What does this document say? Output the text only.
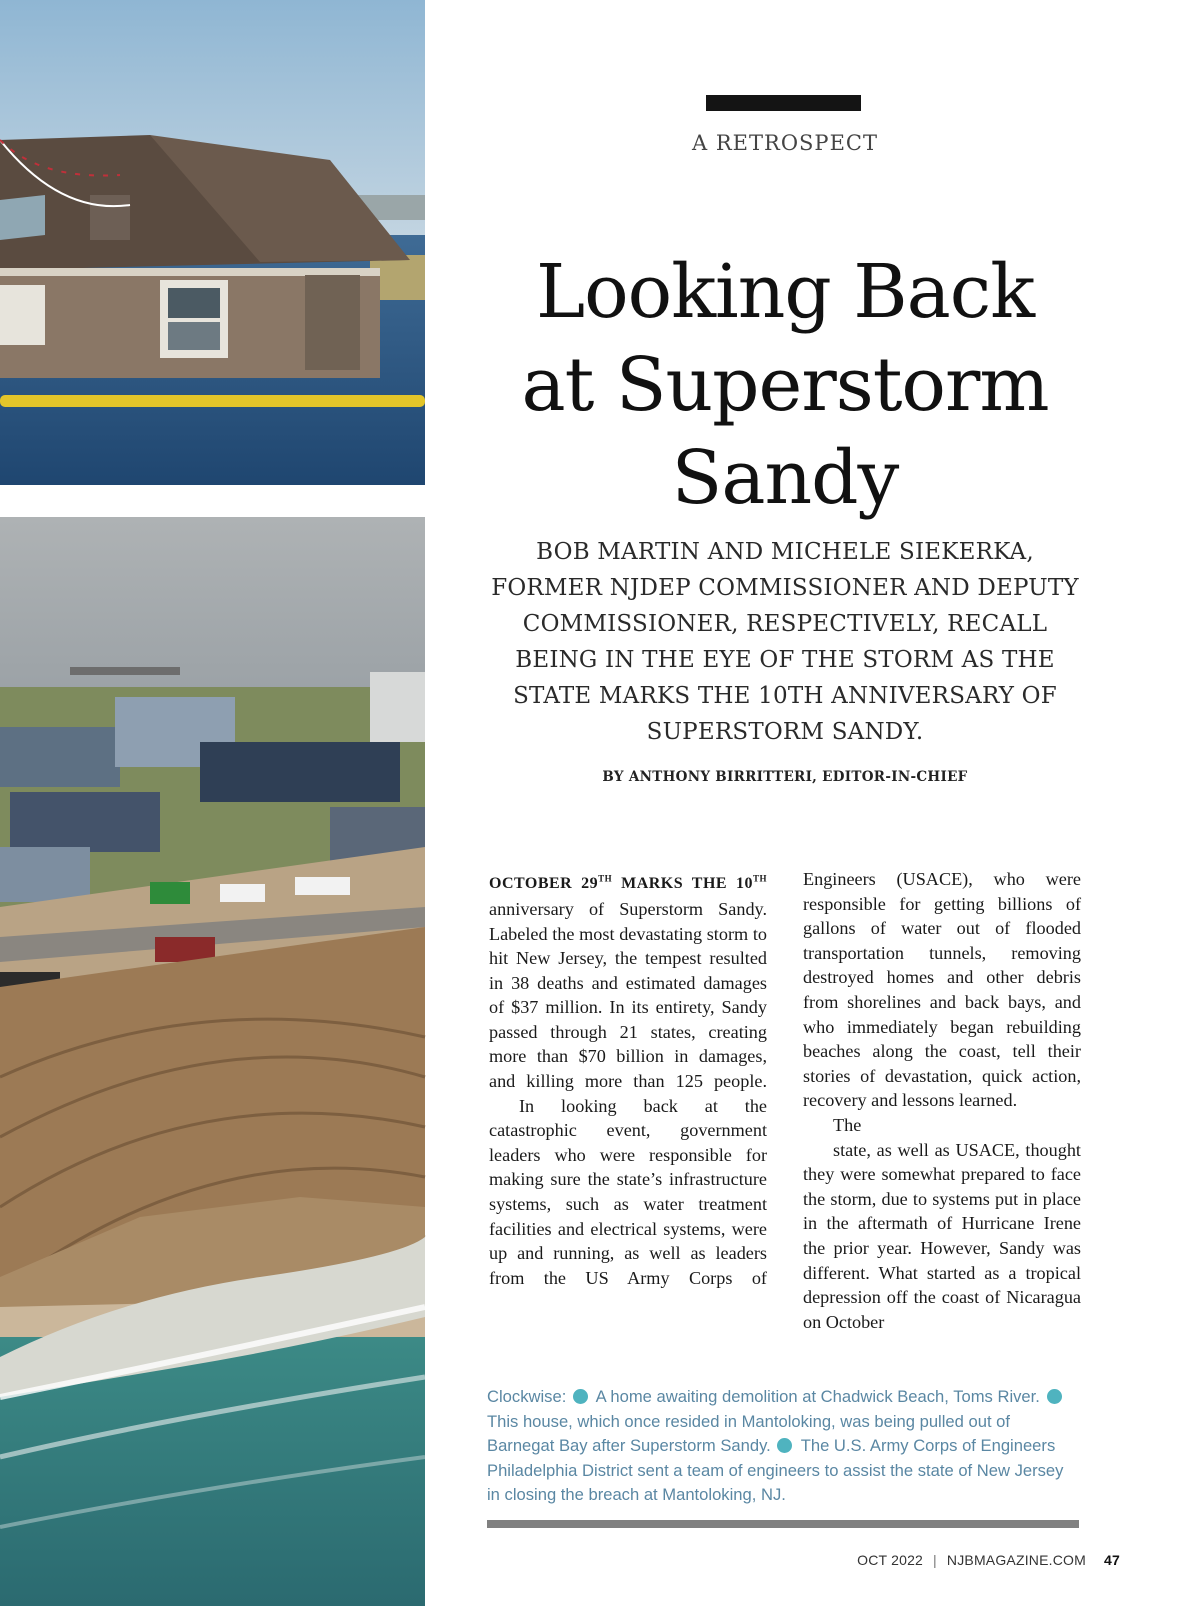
A RETROSPECT
Looking Back at Superstorm Sandy

BOB MARTIN AND MICHELE SIEKERKA, FORMER NJDEP COMMISSIONER AND DEPUTY COMMISSIONER, RESPECTIVELY, RECALL BEING IN THE EYE OF THE STORM AS THE STATE MARKS THE 10TH ANNIVERSARY OF SUPERSTORM SANDY.

BY ANTHONY BIRRITTERI, EDITOR-IN-CHIEF

OCTOBER 29TH MARKS THE 10TH anniversary of Superstorm Sandy. Labeled the most devastating storm to hit New Jersey, the tempest resulted in 38 deaths and estimated damages of $37 million. In its entirety, Sandy passed through 21 states, creating more than $70 billion in damages, and killing more than 125 people.

In looking back at the catastrophic event, government leaders who were responsible for making sure the state’s infrastructure systems, such as water treatment facilities and electrical systems, were up and running, as well as leaders from the US Army Corps of

Engineers (USACE), who were responsible for getting billions of gallons of water out of flooded transportation tunnels, removing destroyed homes and other debris from shorelines and back bays, and who immediately began rebuilding beaches along the coast, tell their stories of devastation, quick action, recovery and lessons learned.

The

state, as well as USACE, thought they were somewhat prepared to face the storm, due to systems put in place in the aftermath of Hurricane Irene the prior year. However, Sandy was different. What started as a tropical depression off the coast of Nicaragua on October

Clockwise:  A home awaiting demolition at Chadwick Beach, Toms River.  This house, which once resided in Mantoloking, was being pulled out of Barnegat Bay after Superstorm Sandy.  The U.S. Army Corps of Engineers Philadelphia District sent a team of engineers to assist the state of New Jersey in closing the breach at Mantoloking, NJ.

OCT 2022 | NJBMAGAZINE.COM 47
